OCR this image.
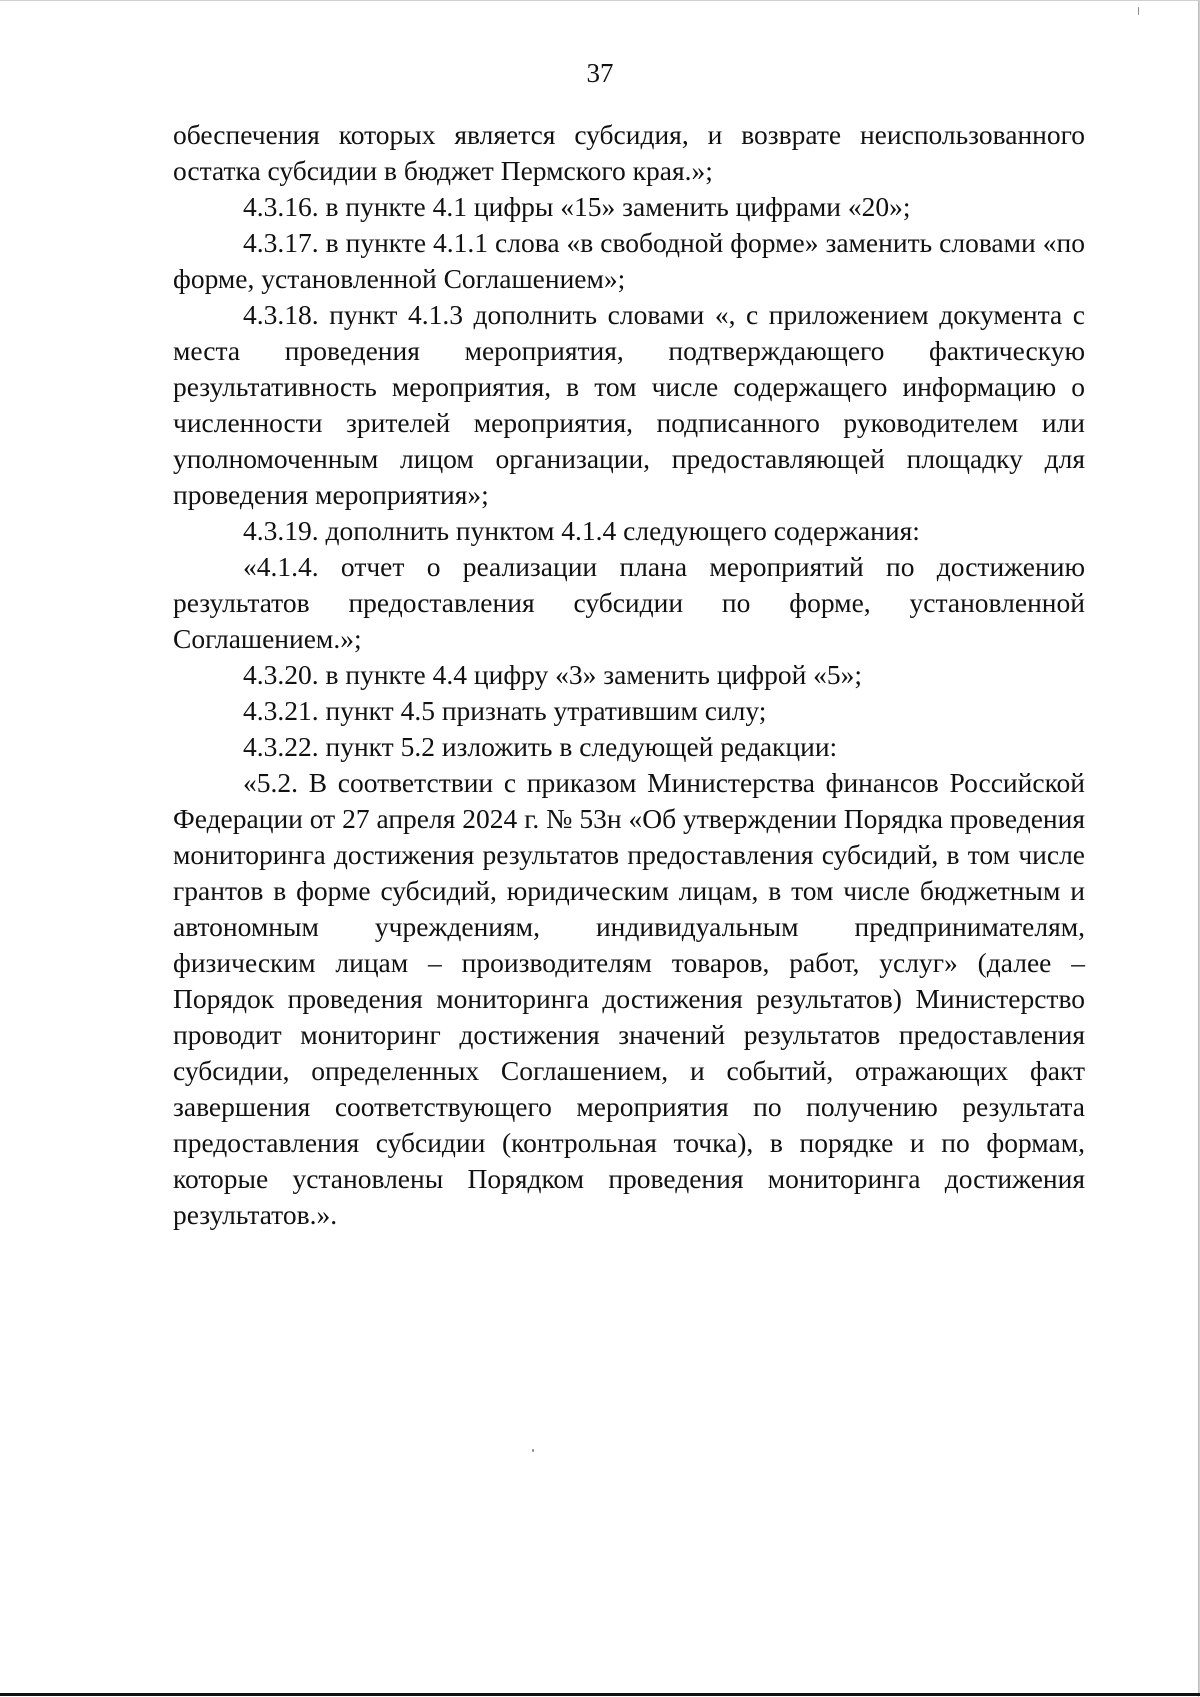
37

обеспечения которых является субсидия, и возврате неиспользованного остатка субсидии в бюджет Пермского края.»;

4.3.16. в пункте 4.1 цифры «15» заменить цифрами «20»;

4.3.17. в пункте 4.1.1 слова «в свободной форме» заменить словами «по форме, установленной Соглашением»;

4.3.18. пункт 4.1.3 дополнить словами «, с приложением документа с места проведения мероприятия, подтверждающего фактическую результативность мероприятия, в том числе содержащего информацию о численности зрителей мероприятия, подписанного руководителем или уполномоченным лицом организации, предоставляющей площадку для проведения мероприятия»;

4.3.19. дополнить пунктом 4.1.4 следующего содержания:

«4.1.4. отчет о реализации плана мероприятий по достижению результатов предоставления субсидии по форме, установленной Соглашением.»;

4.3.20. в пункте 4.4 цифру «3» заменить цифрой «5»;

4.3.21. пункт 4.5 признать утратившим силу;

4.3.22. пункт 5.2 изложить в следующей редакции:

«5.2. В соответствии с приказом Министерства финансов Российской Федерации от 27 апреля 2024 г. № 53н «Об утверждении Порядка проведения мониторинга достижения результатов предоставления субсидий, в том числе грантов в форме субсидий, юридическим лицам, в том числе бюджетным и автономным учреждениям, индивидуальным предпринимателям, физическим лицам – производителям товаров, работ, услуг» (далее – Порядок проведения мониторинга достижения результатов) Министерство проводит мониторинг достижения значений результатов предоставления субсидии, определенных Соглашением, и событий, отражающих факт завершения соответствующего мероприятия по получению результата предоставления субсидии (контрольная точка), в порядке и по формам, которые установлены Порядком проведения мониторинга достижения результатов.».
